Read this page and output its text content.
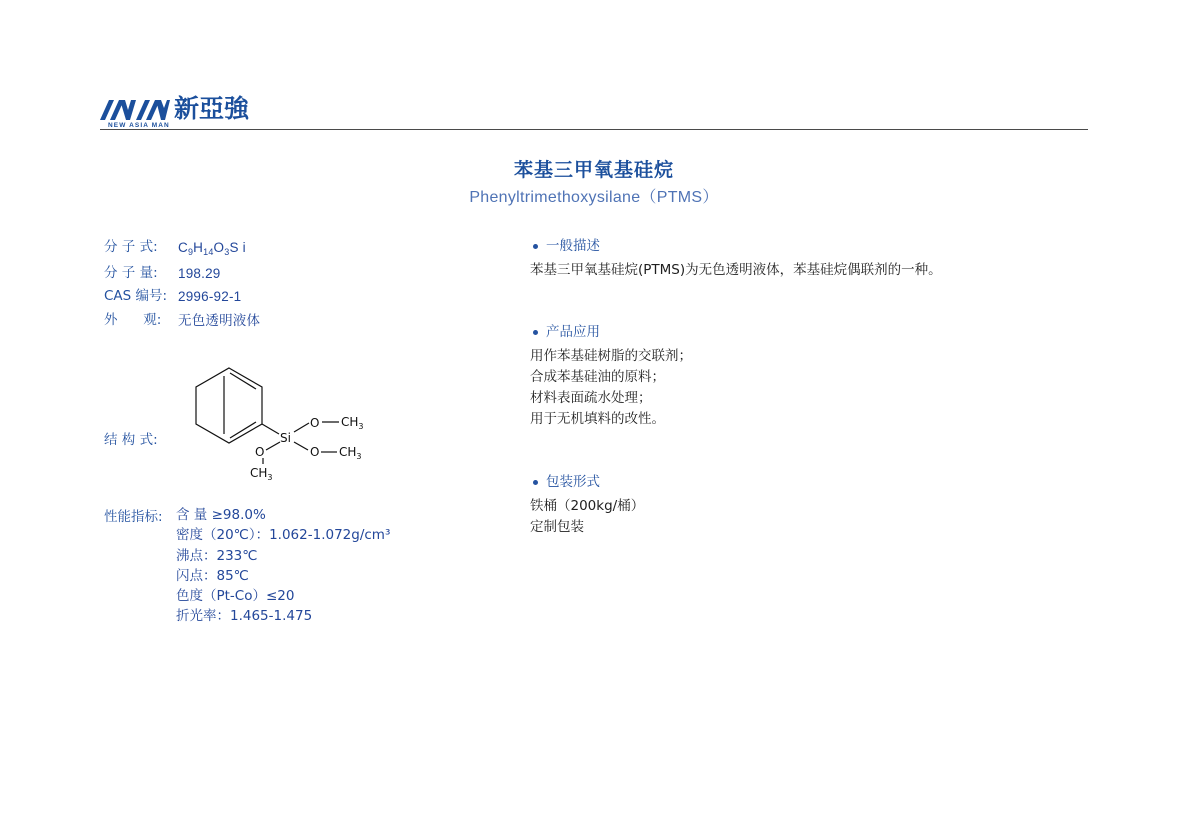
新亞強
NEW ASIA MAN
苯基三甲氧基硅烷
Phenyltrimethoxysilane（PTMS）
分 子 式:	$C_9H_{14}O_3S$ i
分 子 量:	198.29
CAS 编号: 2996-92-1
外      观:	无色透明液体
结 构 式:	Si
O
O
O
$CH_3$
$CH_3$
$CH_3$
性能指标: 含 量 ≥98.0%
密度（20℃）：1.062-1.072g/cm³
沸点：233℃
闪点：85℃
色度（Pt-Co）≤20
折光率：1.465-1.475
一般描述
苯基三甲氧基硅烷(PTMS)为无色透明液体，苯基硅烷偶联剂的一种。
产品应用
用作苯基硅树脂的交联剂；
合成苯基硅油的原料；
材料表面疏水处理；
用于无机填料的改性。
包装形式
铁桶（200kg/桶）
定制包装
